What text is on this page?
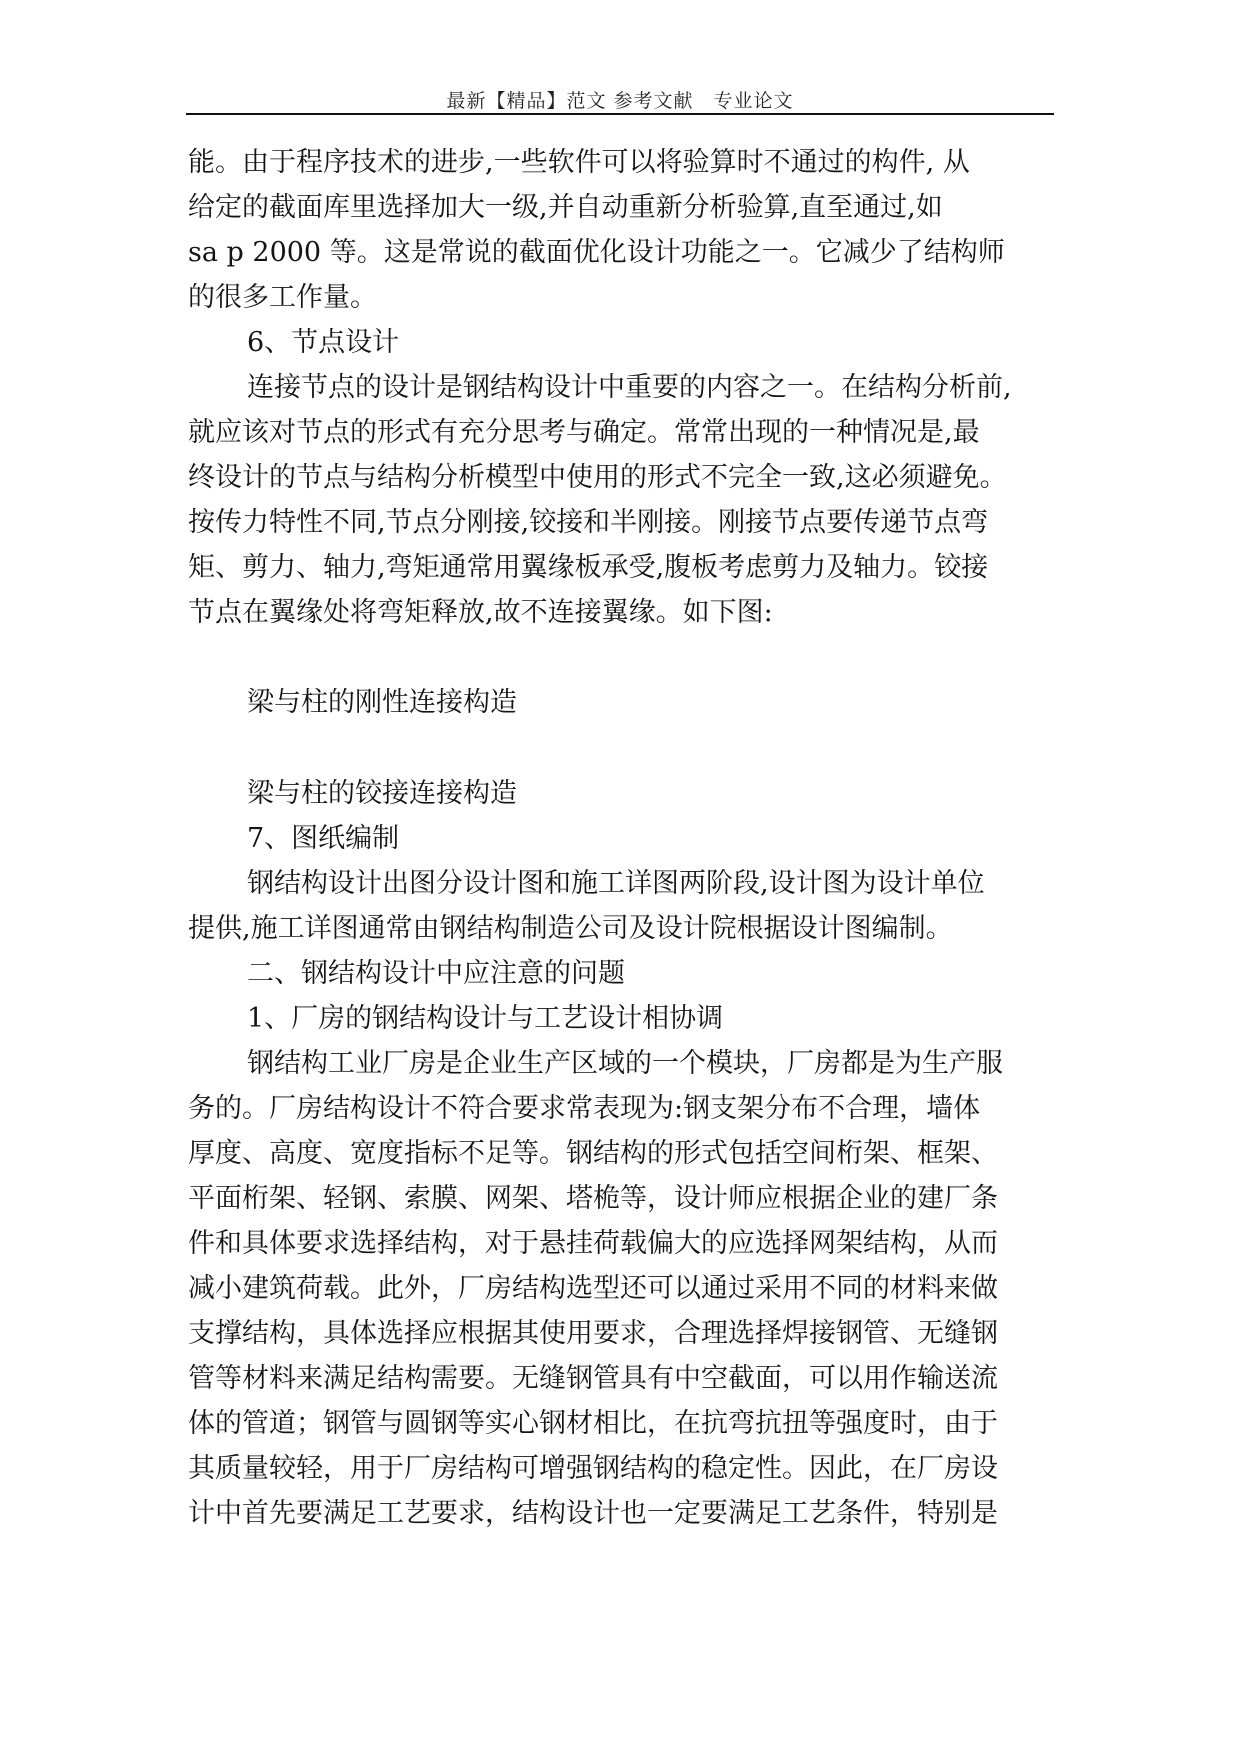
最新【精品】范文 参考文献　专业论文
能。由于程序技术的进步,一些软件可以将验算时不通过的构件, 从
给定的截面库里选择加大一级,并自动重新分析验算,直至通过,如
sa p 2000 等。这是常说的截面优化设计功能之一。它减少了结构师
的很多工作量。
6、节点设计
连接节点的设计是钢结构设计中重要的内容之一。在结构分析前,
就应该对节点的形式有充分思考与确定。常常出现的一种情况是,最
终设计的节点与结构分析模型中使用的形式不完全一致,这必须避免。
按传力特性不同,节点分刚接,铰接和半刚接。刚接节点要传递节点弯
矩、剪力、轴力,弯矩通常用翼缘板承受,腹板考虑剪力及轴力。铰接
节点在翼缘处将弯矩释放,故不连接翼缘。如下图:
梁与柱的刚性连接构造
梁与柱的铰接连接构造
7、图纸编制
钢结构设计出图分设计图和施工详图两阶段,设计图为设计单位
提供,施工详图通常由钢结构制造公司及设计院根据设计图编制。
二、钢结构设计中应注意的问题
1、厂房的钢结构设计与工艺设计相协调
钢结构工业厂房是企业生产区域的一个模块，厂房都是为生产服
务的。厂房结构设计不符合要求常表现为:钢支架分布不合理，墙体
厚度、高度、宽度指标不足等。钢结构的形式包括空间桁架、框架、
平面桁架、轻钢、索膜、网架、塔桅等，设计师应根据企业的建厂条
件和具体要求选择结构，对于悬挂荷载偏大的应选择网架结构，从而
减小建筑荷载。此外，厂房结构选型还可以通过采用不同的材料来做
支撑结构，具体选择应根据其使用要求，合理选择焊接钢管、无缝钢
管等材料来满足结构需要。无缝钢管具有中空截面，可以用作输送流
体的管道；钢管与圆钢等实心钢材相比，在抗弯抗扭等强度时，由于
其质量较轻，用于厂房结构可增强钢结构的稳定性。因此，在厂房设
计中首先要满足工艺要求，结构设计也一定要满足工艺条件，特别是
